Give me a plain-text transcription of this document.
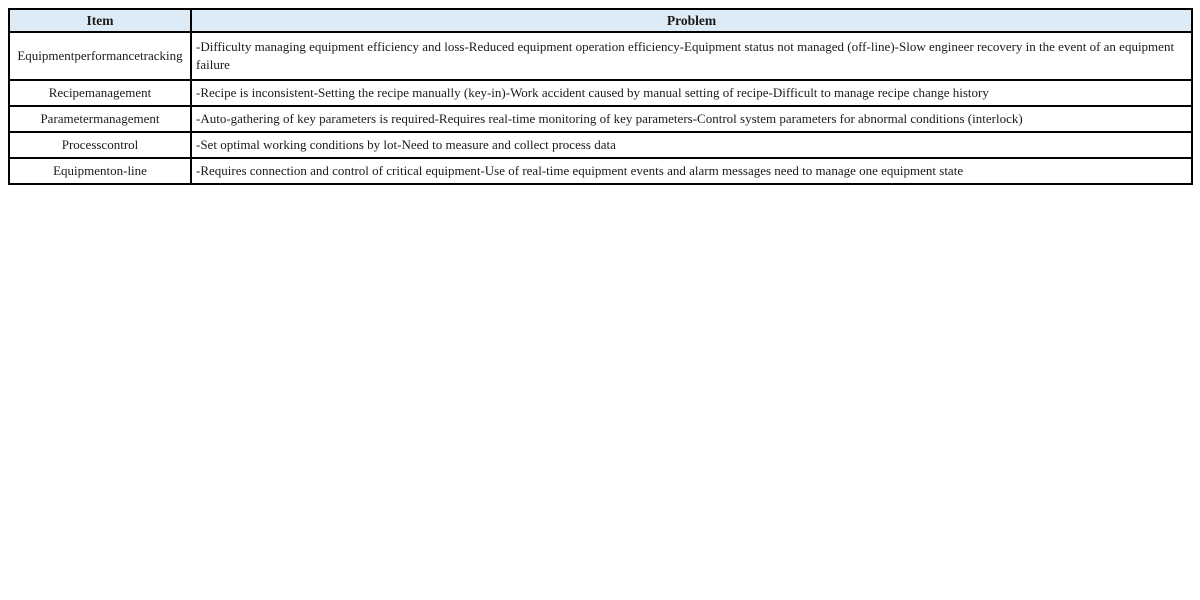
Item	Problem
Equipmentperformancetracking	-Difficulty managing equipment efficiency and loss-Reduced equipment operation efficiency-Equipment status not managed (off-line)-Slow engineer recovery in the event of an equipment failure
Recipemanagement	-Recipe is inconsistent-Setting the recipe manually (key-in)-Work accident caused by manual setting of recipe-Difficult to manage recipe change history
Parametermanagement	-Auto-gathering of key parameters is required-Requires real-time monitoring of key parameters-Control system parameters for abnormal conditions (interlock)
Processcontrol	-Set optimal working conditions by lot-Need to measure and collect process data
Equipmenton-line	-Requires connection and control of critical equipment-Use of real-time equipment events and alarm messages need to manage one equipment state
